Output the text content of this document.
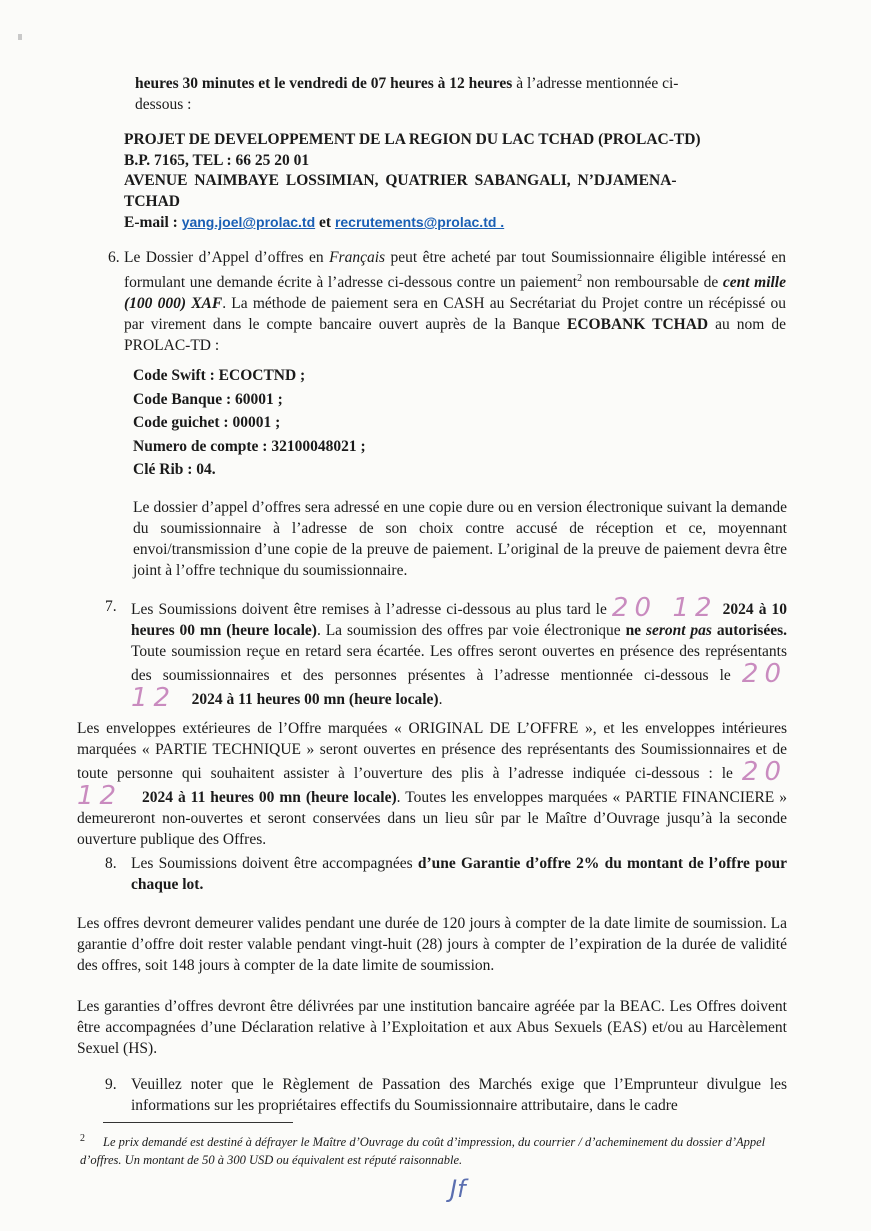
heures 30 minutes et le vendredi de 07 heures à 12 heures à l’adresse mentionnée ci-
dessous :
PROJET DE DEVELOPPEMENT DE LA REGION DU LAC TCHAD (PROLAC-TD)
B.P. 7165, TEL : 66 25 20 01
AVENUE NAIMBAYE LOSSIMIAN, QUATRIER SABANGALI, N’DJAMENA-
TCHAD
E-mail : yang.joel@prolac.td et recrutements@prolac.td .
6. Le Dossier d’Appel d’offres en Français peut être acheté par tout Soumissionnaire éligible intéressé en formulant une demande écrite à l’adresse ci-dessous contre un paiement$^2$ non remboursable de cent mille (100 000) XAF. La méthode de paiement sera en CASH au Secrétariat du Projet contre un récépissé ou par virement dans le compte bancaire ouvert auprès de la Banque ECOBANK TCHAD au nom de PROLAC-TD :
Code Swift : ECOCTND ;
Code Banque : 60001 ;
Code guichet : 00001 ;
Numero de compte : 32100048021 ;
Clé Rib : 04.
Le dossier d’appel d’offres sera adressé en une copie dure ou en version électronique suivant la demande du soumissionnaire à l’adresse de son choix contre accusé de réception et ce, moyennant envoi/transmission d’une copie de la preuve de paiement. L’original de la preuve de paiement devra être joint à l’offre technique du soumissionnaire.
7. Les Soumissions doivent être remises à l’adresse ci-dessous au plus tard le 20 12 2024 à 10 heures 00 mn (heure locale). La soumission des offres par voie électronique ne seront pas autorisées. Toute soumission reçue en retard sera écartée. Les offres seront ouvertes en présence des représentants des soumissionnaires et des personnes présentes à l’adresse mentionnée ci-dessous le 20 12 2024 à 11 heures 00 mn (heure locale).
Les enveloppes extérieures de l’Offre marquées « ORIGINAL DE L’OFFRE », et les enveloppes intérieures marquées « PARTIE TECHNIQUE » seront ouvertes en présence des représentants des Soumissionnaires et de toute personne qui souhaitent assister à l’ouverture des plis à l’adresse indiquée ci-dessous : le 20 12 2024 à 11 heures 00 mn (heure locale). Toutes les enveloppes marquées « PARTIE FINANCIERE » demeureront non-ouvertes et seront conservées dans un lieu sûr par le Maître d’Ouvrage jusqu’à la seconde ouverture publique des Offres.
8. Les Soumissions doivent être accompagnées d’une Garantie d’offre 2% du montant de l’offre pour chaque lot.
Les offres devront demeurer valides pendant une durée de 120 jours à compter de la date limite de soumission. La garantie d’offre doit rester valable pendant vingt-huit (28) jours à compter de l’expiration de la durée de validité des offres, soit 148 jours à compter de la date limite de soumission.
Les garanties d’offres devront être délivrées par une institution bancaire agréée par la BEAC. Les Offres doivent être accompagnées d’une Déclaration relative à l’Exploitation et aux Abus Sexuels (EAS) et/ou au Harcèlement Sexuel (HS).
9. Veuillez noter que le Règlement de Passation des Marchés exige que l’Emprunteur divulgue les informations sur les propriétaires effectifs du Soumissionnaire attributaire, dans le cadre
$^2$ Le prix demandé est destiné à défrayer le Maître d’Ouvrage du coût d’impression, du courrier / d’acheminement du dossier d’Appel d’offres. Un montant de 50 à 300 USD ou équivalent est réputé raisonnable.
Jf
